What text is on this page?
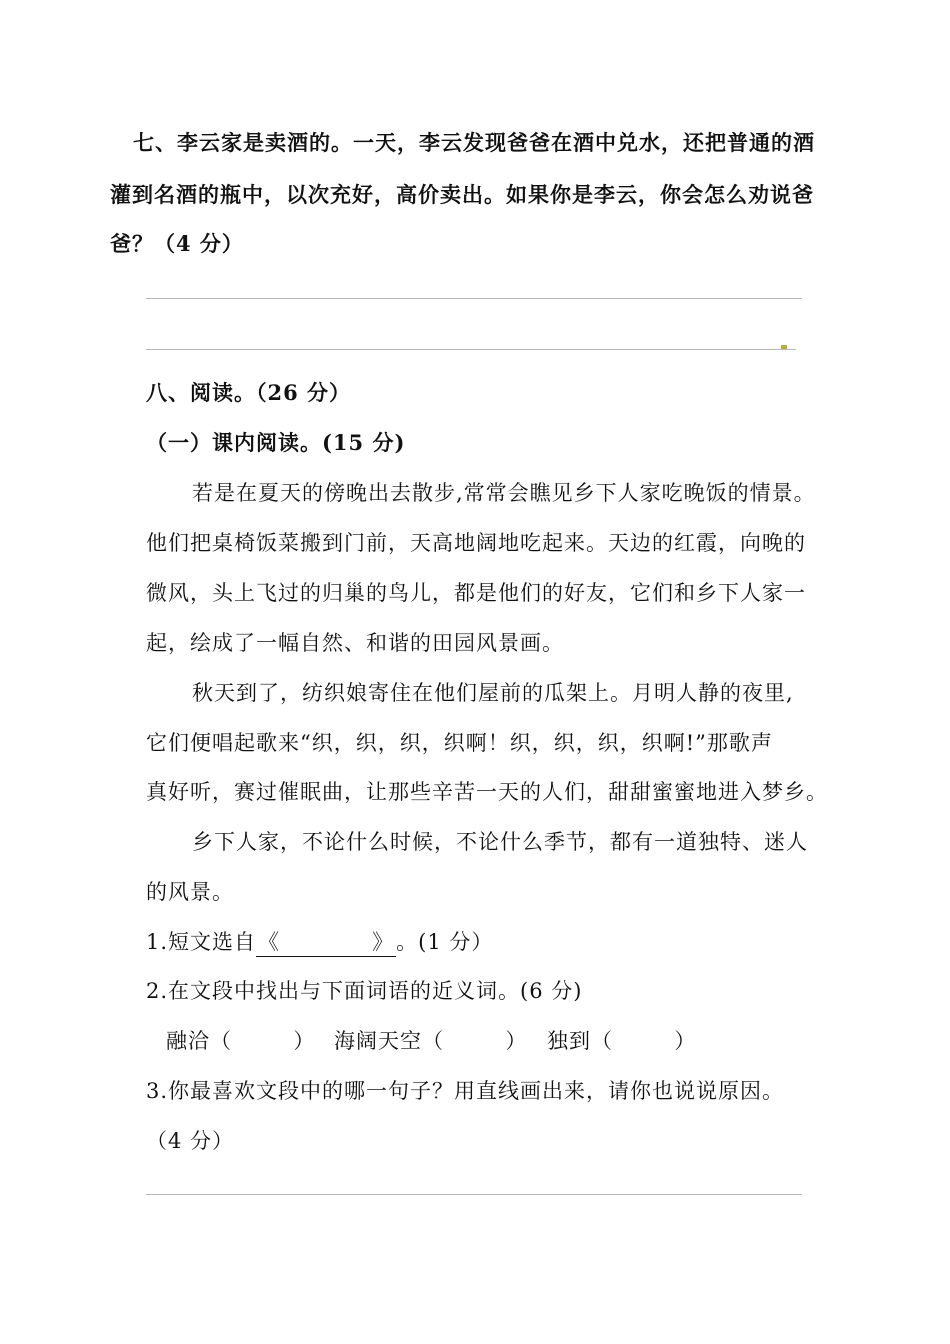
七、李云家是卖酒的。一天，李云发现爸爸在酒中兑水，还把普通的酒
灌到名酒的瓶中，以次充好，高价卖出。如果你是李云，你会怎么劝说爸
爸？（4 分）
八、阅读。（26 分）
（一）课内阅读。(15 分)
若是在夏天的傍晚出去散步,常常会瞧见乡下人家吃晚饭的情景。
他们把桌椅饭菜搬到门前，天高地阔地吃起来。天边的红霞，向晚的
微风，头上飞过的归巢的鸟儿，都是他们的好友，它们和乡下人家一
起，绘成了一幅自然、和谐的田园风景画。
秋天到了，纺织娘寄住在他们屋前的瓜架上。月明人静的夜里,
它们便唱起歌来“织，织，织，织啊！织，织，织，织啊!”那歌声
真好听，赛过催眠曲，让那些辛苦一天的人们，甜甜蜜蜜地进入梦乡。
乡下人家，不论什么时候，不论什么季节，都有一道独特、迷人
的风景。
1.短文选自《            》。(1 分）
2.在文段中找出与下面词语的近义词。(6 分)
融洽（        ） 海阔天空（        ） 独到（        ）
3.你最喜欢文段中的哪一句子？用直线画出来，请你也说说原因。
（4 分）
